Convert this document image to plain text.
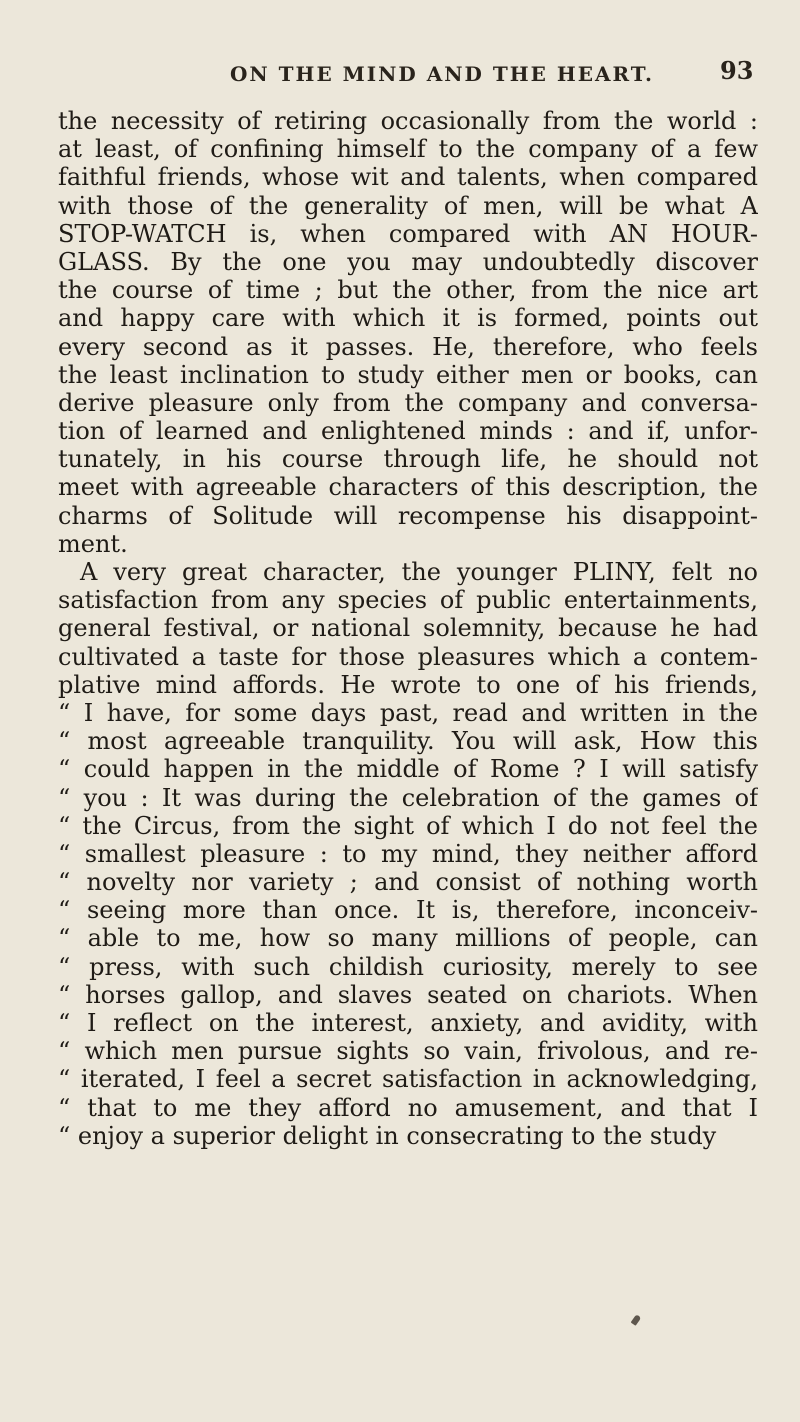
ON THE MIND AND THE HEART.	93
the necessity of retiring occasionally from the world :
at least, of confining himself to the company of a few
faithful friends, whose wit and talents, when compared
with those of the generality of men, will be what A
STOP-WATCH is, when compared with AN HOUR-
GLASS. By the one you may undoubtedly discover
the course of time ; but the other, from the nice art
and happy care with which it is formed, points out
every second as it passes. He, therefore, who feels
the least inclination to study either men or books, can
derive pleasure only from the company and conversa-
tion of learned and enlightened minds : and if, unfor-
tunately, in his course through life, he should not
meet with agreeable characters of this description, the
charms of Solitude will recompense his disappoint-
ment.
A very great character, the younger PLINY, felt no
satisfaction from any species of public entertainments,
general festival, or national solemnity, because he had
cultivated a taste for those pleasures which a contem-
plative mind affords. He wrote to one of his friends,
“ I have, for some days past, read and written in the
“ most agreeable tranquility. You will ask, How this
“ could happen in the middle of Rome ? I will satisfy
“ you : It was during the celebration of the games of
“ the Circus, from the sight of which I do not feel the
“ smallest pleasure : to my mind, they neither afford
“ novelty nor variety ; and consist of nothing worth
“ seeing more than once. It is, therefore, inconceiv-
“ able to me, how so many millions of people, can
“ press, with such childish curiosity, merely to see
“ horses gallop, and slaves seated on chariots. When
“ I reflect on the interest, anxiety, and avidity, with
“ which men pursue sights so vain, frivolous, and re-
“ iterated, I feel a secret satisfaction in acknowledging,
“ that to me they afford no amusement, and that I
“ enjoy a superior delight in consecrating to the study
